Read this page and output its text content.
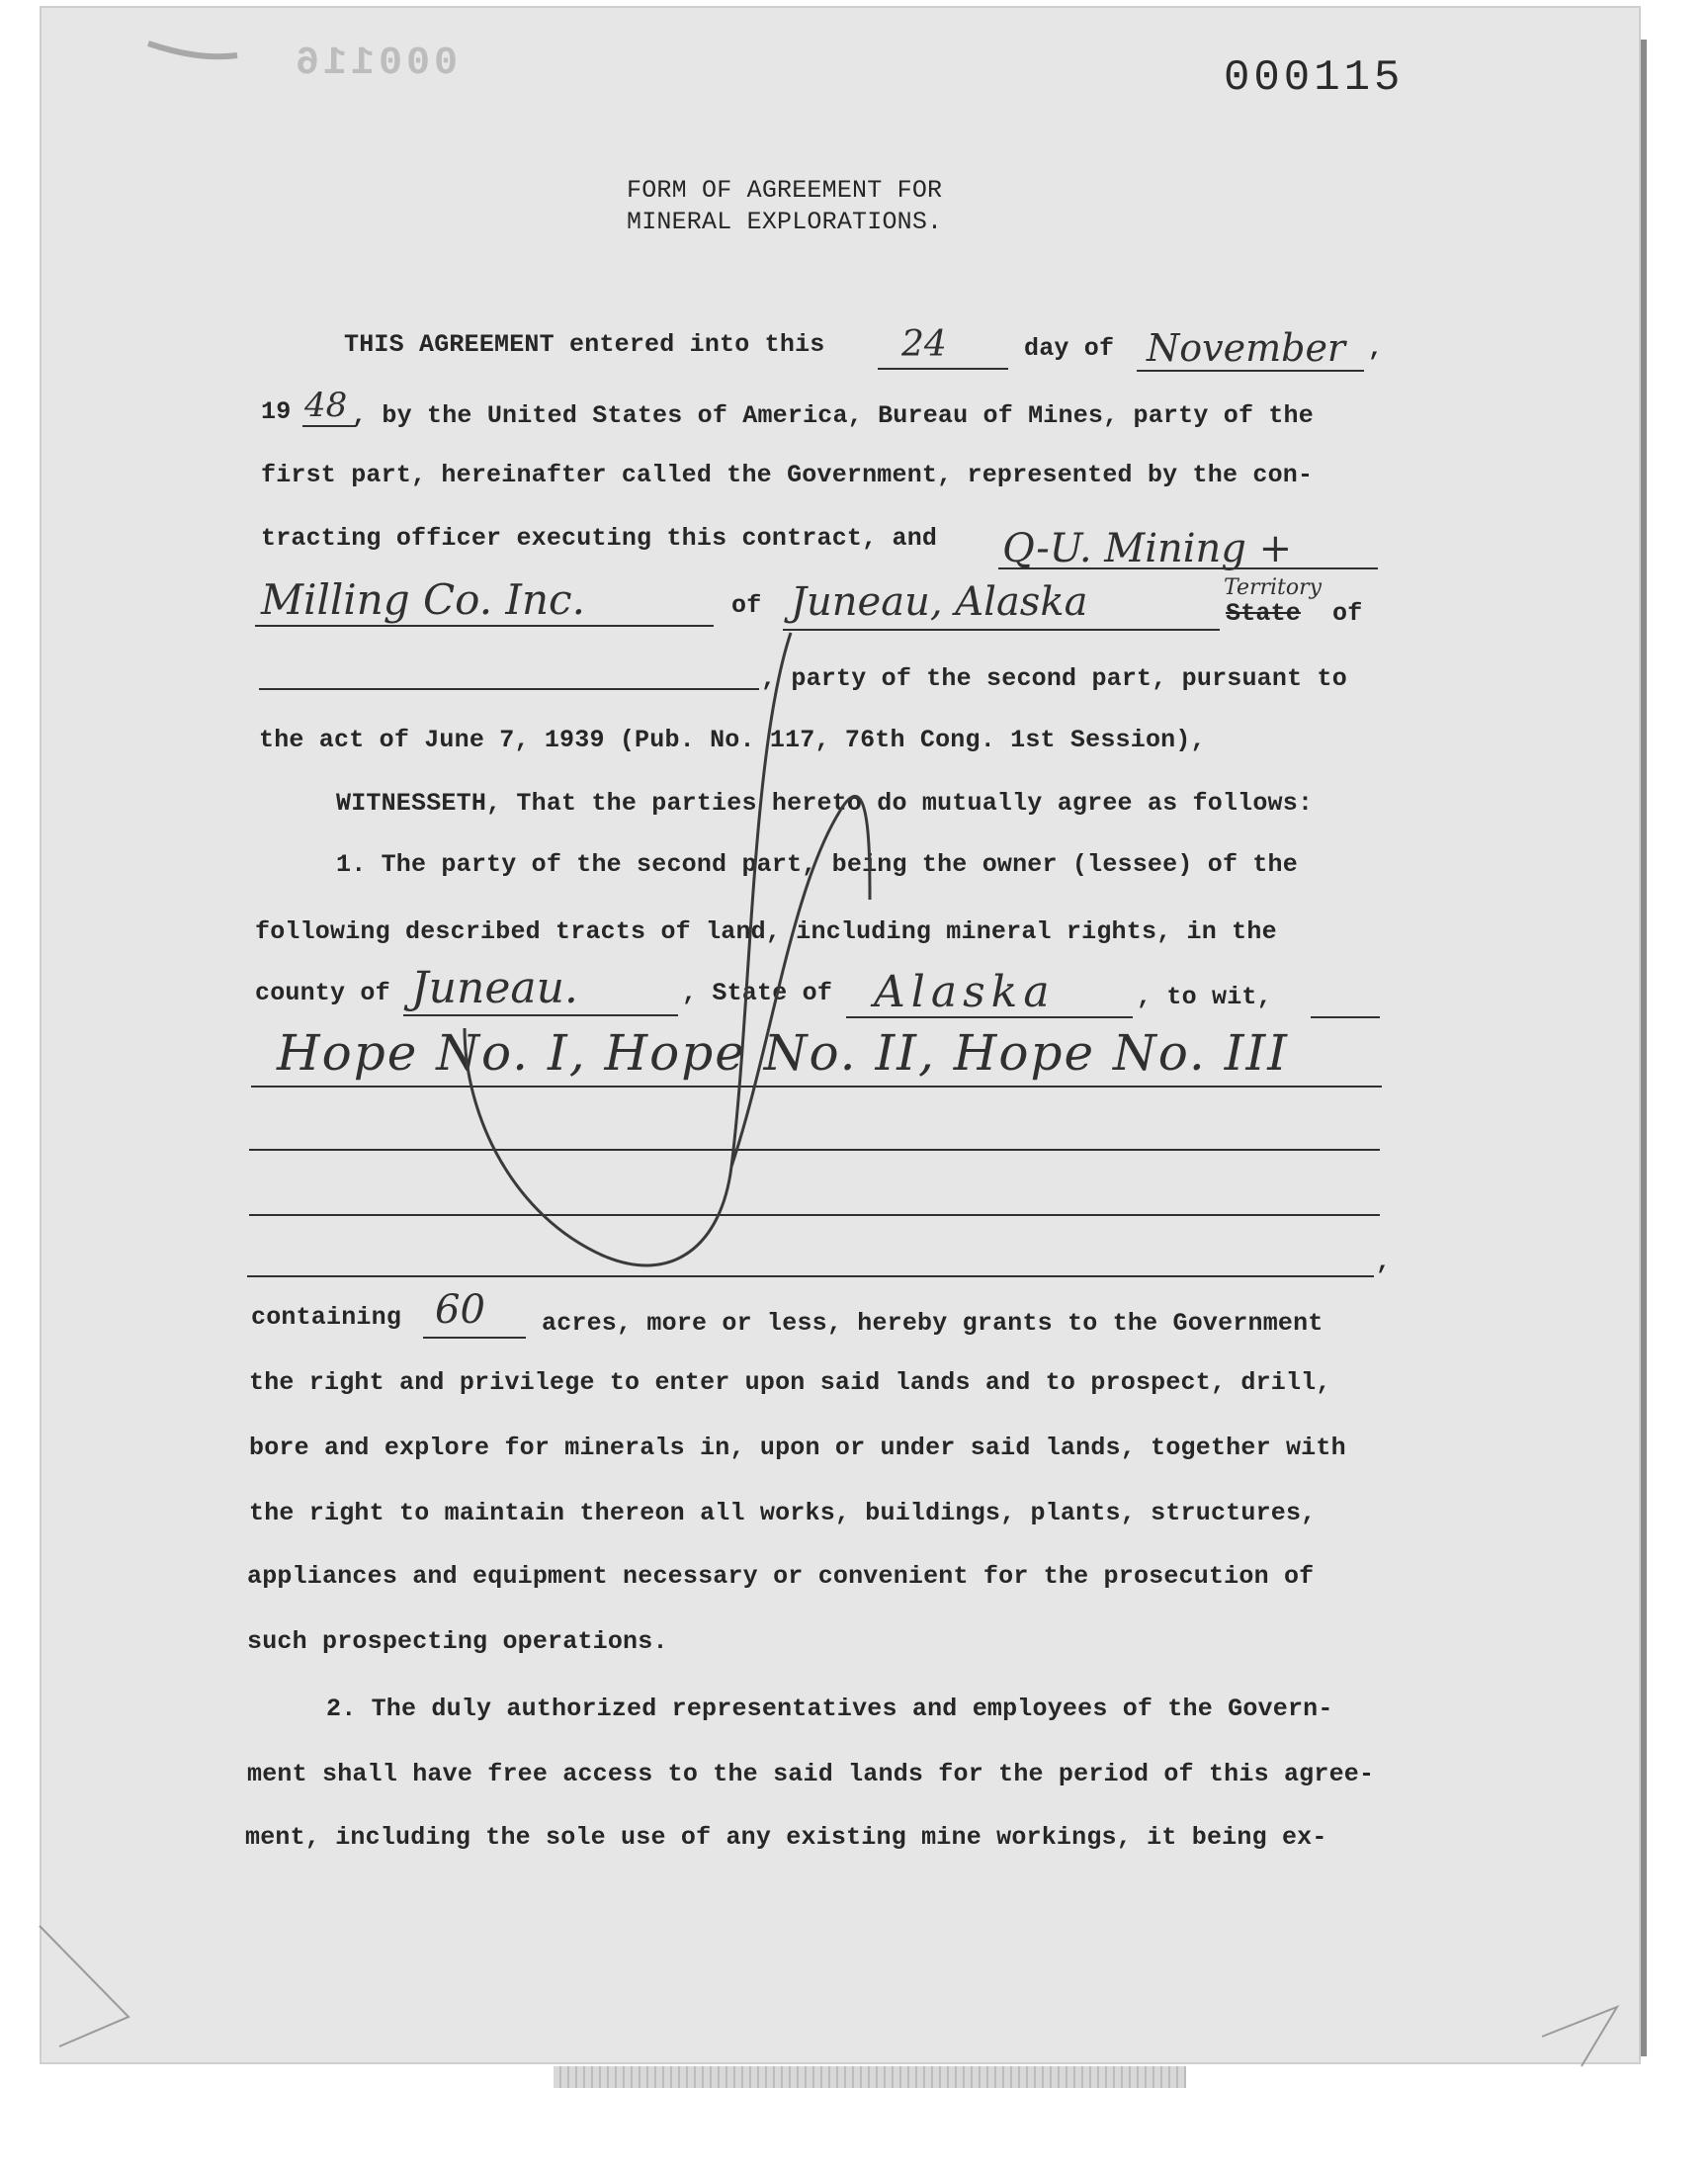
000116	000115
FORM OF AGREEMENT FOR
MINERAL EXPLORATIONS.
THIS AGREEMENT entered into this 24	day of November ,
19 48 , by the United States of America, Bureau of Mines, party of the
first part, hereinafter called the Government, represented by the con-
tracting officer executing this contract, and Q-U. Mining +
Milling Co. Inc.	of Juneau, Alaska	Territory
State of
, party of the second part, pursuant to
the act of June 7, 1939 (Pub. No. 117, 76th Cong. 1st Session),
WITNESSETH, That the parties hereto do mutually agree as follows:
1. The party of the second part, being the owner (lessee) of the
following described tracts of land, including mineral rights, in the
county of Juneau.	, State of Alaska	, to wit,
Hope No. I, Hope No. II, Hope No. III
,
containing 60 acres, more or less, hereby grants to the Government
the right and privilege to enter upon said lands and to prospect, drill,
bore and explore for minerals in, upon or under said lands, together with
the right to maintain thereon all works, buildings, plants, structures,
appliances and equipment necessary or convenient for the prosecution of
such prospecting operations.
2. The duly authorized representatives and employees of the Govern-
ment shall have free access to the said lands for the period of this agree-
ment, including the sole use of any existing mine workings, it being ex-
